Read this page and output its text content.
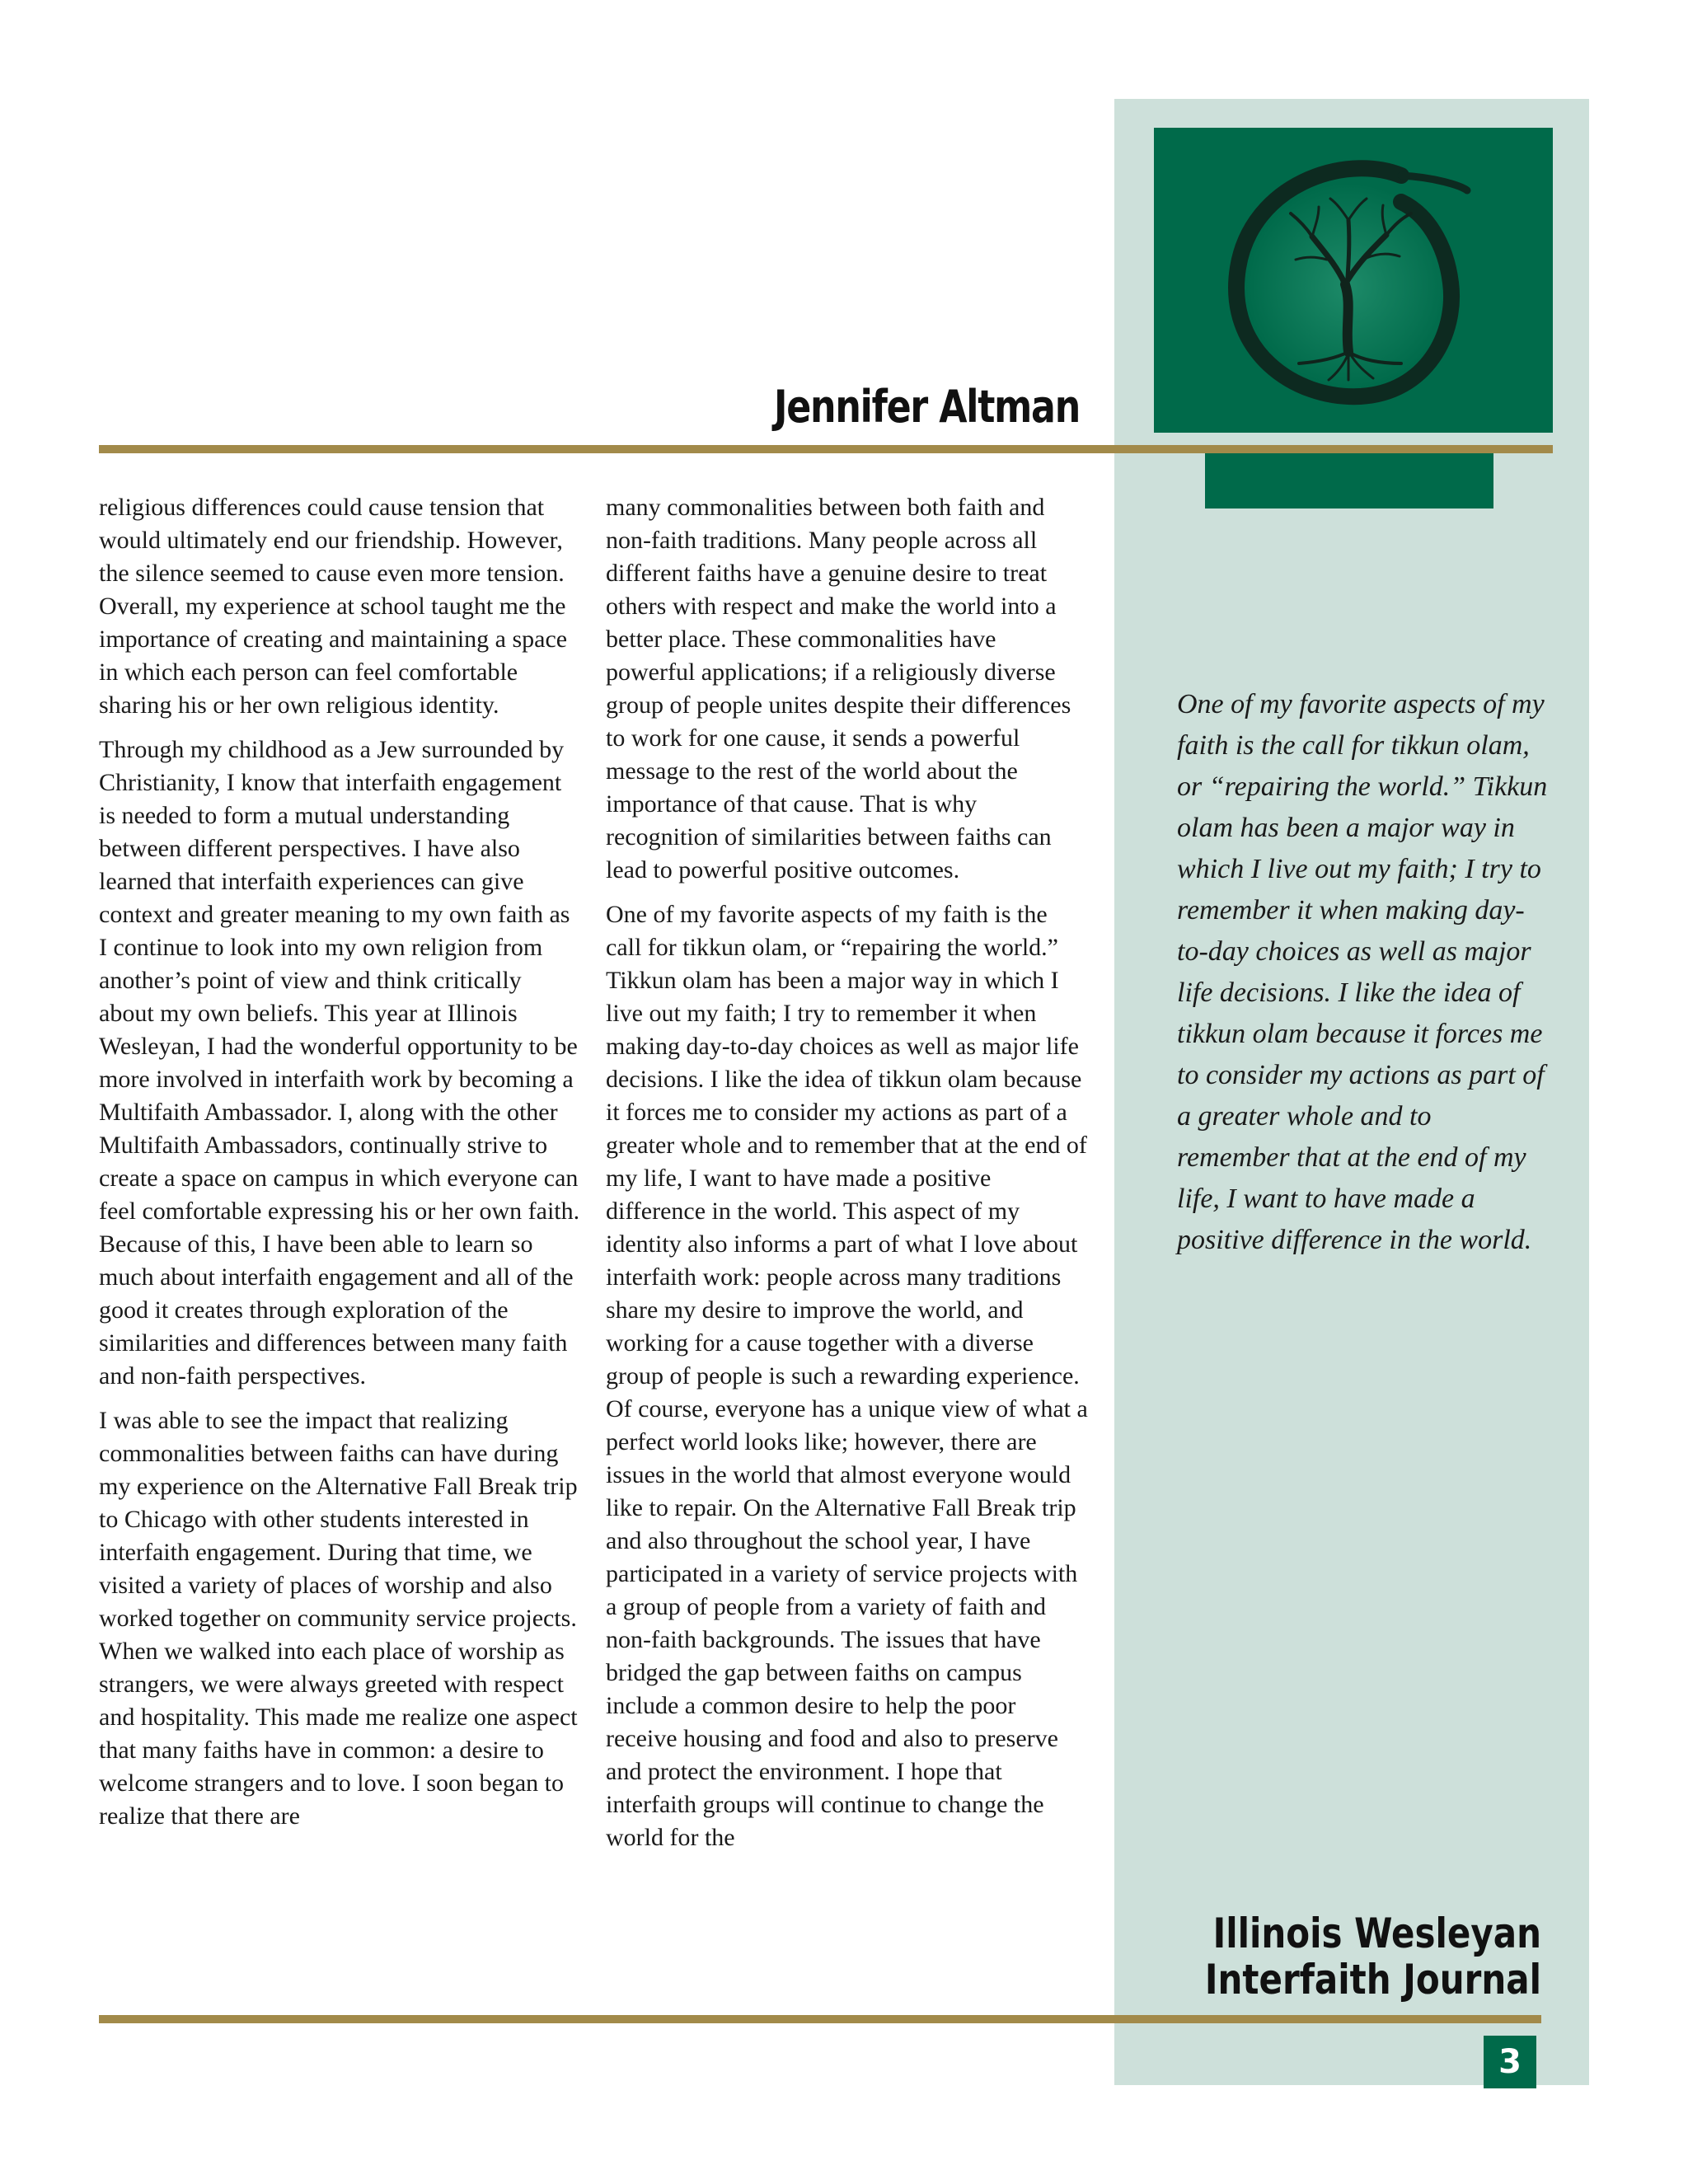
Jennifer Altman

religious differences could cause tension that would ultimately end our friendship. However, the silence seemed to cause even more tension. Overall, my experience at school taught me the importance of creating and maintaining a space in which each person can feel comfortable sharing his or her own religious identity.

Through my childhood as a Jew surrounded by Christianity, I know that interfaith engagement is needed to form a mutual understanding between different perspectives. I have also learned that interfaith experiences can give context and greater meaning to my own faith as I continue to look into my own religion from another’s point of view and think critically about my own beliefs. This year at Illinois Wesleyan, I had the wonderful opportunity to be more involved in interfaith work by becoming a Multifaith Ambassador. I, along with the other Multifaith Ambassadors, continually strive to create a space on campus in which everyone can feel comfortable expressing his or her own faith. Because of this, I have been able to learn so much about interfaith engagement and all of the good it creates through exploration of the similarities and differences between many faith and non-faith perspectives.

I was able to see the impact that realizing commonalities between faiths can have during my experience on the Alternative Fall Break trip to Chicago with other students interested in interfaith engagement. During that time, we visited a variety of places of worship and also worked together on community service projects. When we walked into each place of worship as strangers, we were always greeted with respect and hospitality. This made me realize one aspect that many faiths have in common: a desire to welcome strangers and to love. I soon began to realize that there are

many commonalities between both faith and non-faith traditions. Many people across all different faiths have a genuine desire to treat others with respect and make the world into a better place. These commonalities have powerful applications; if a religiously diverse group of people unites despite their differences to work for one cause, it sends a powerful message to the rest of the world about the importance of that cause. That is why recognition of similarities between faiths can lead to powerful positive outcomes.

One of my favorite aspects of my faith is the call for tikkun olam, or “repairing the world.” Tikkun olam has been a major way in which I live out my faith; I try to remember it when making day-to-day choices as well as major life decisions. I like the idea of tikkun olam because it forces me to consider my actions as part of a greater whole and to remember that at the end of my life, I want to have made a positive difference in the world. This aspect of my identity also informs a part of what I love about interfaith work: people across many traditions share my desire to improve the world, and working for a cause together with a diverse group of people is such a rewarding experience. Of course, everyone has a unique view of what a perfect world looks like; however, there are issues in the world that almost everyone would like to repair. On the Alternative Fall Break trip and also throughout the school year, I have participated in a variety of service projects with a group of people from a variety of faith and non-faith backgrounds. The issues that have bridged the gap between faiths on campus include a common desire to help the poor receive housing and food and also to preserve and protect the environment. I hope that interfaith groups will continue to change the world for the

One of my favorite aspects of my faith is the call for tikkun olam, or “repairing the world.” Tikkun olam has been a major way in which I live out my faith; I try to remember it when making day-to-day choices as well as major life decisions. I like the idea of tikkun olam because it forces me to consider my actions as part of a greater whole and to remember that at the end of my life, I want to have made a positive difference in the world.
Illinois Wesleyan
Interfaith Journal
3
